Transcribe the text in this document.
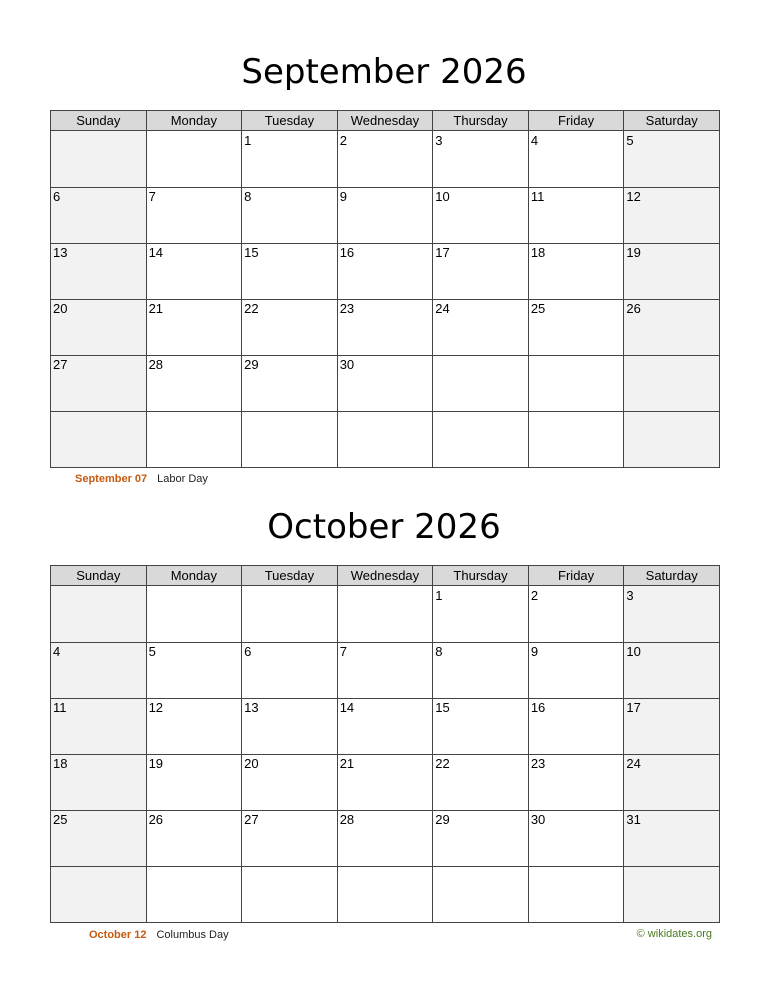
September 2026
Sunday	Monday	Tuesday	Wednesday	Thursday	Friday	Saturday
		1	2	3	4	5
6	7	8	9	10	11	12
13	14	15	16	17	18	19
20	21	22	23	24	25	26
27	28	29	30			

September 07 Labor Day
October 2026
Sunday	Monday	Tuesday	Wednesday	Thursday	Friday	Saturday
				1	2	3
4	5	6	7	8	9	10
11	12	13	14	15	16	17
18	19	20	21	22	23	24
25	26	27	28	29	30	31

October 12 Columbus Day	© wikidates.org
